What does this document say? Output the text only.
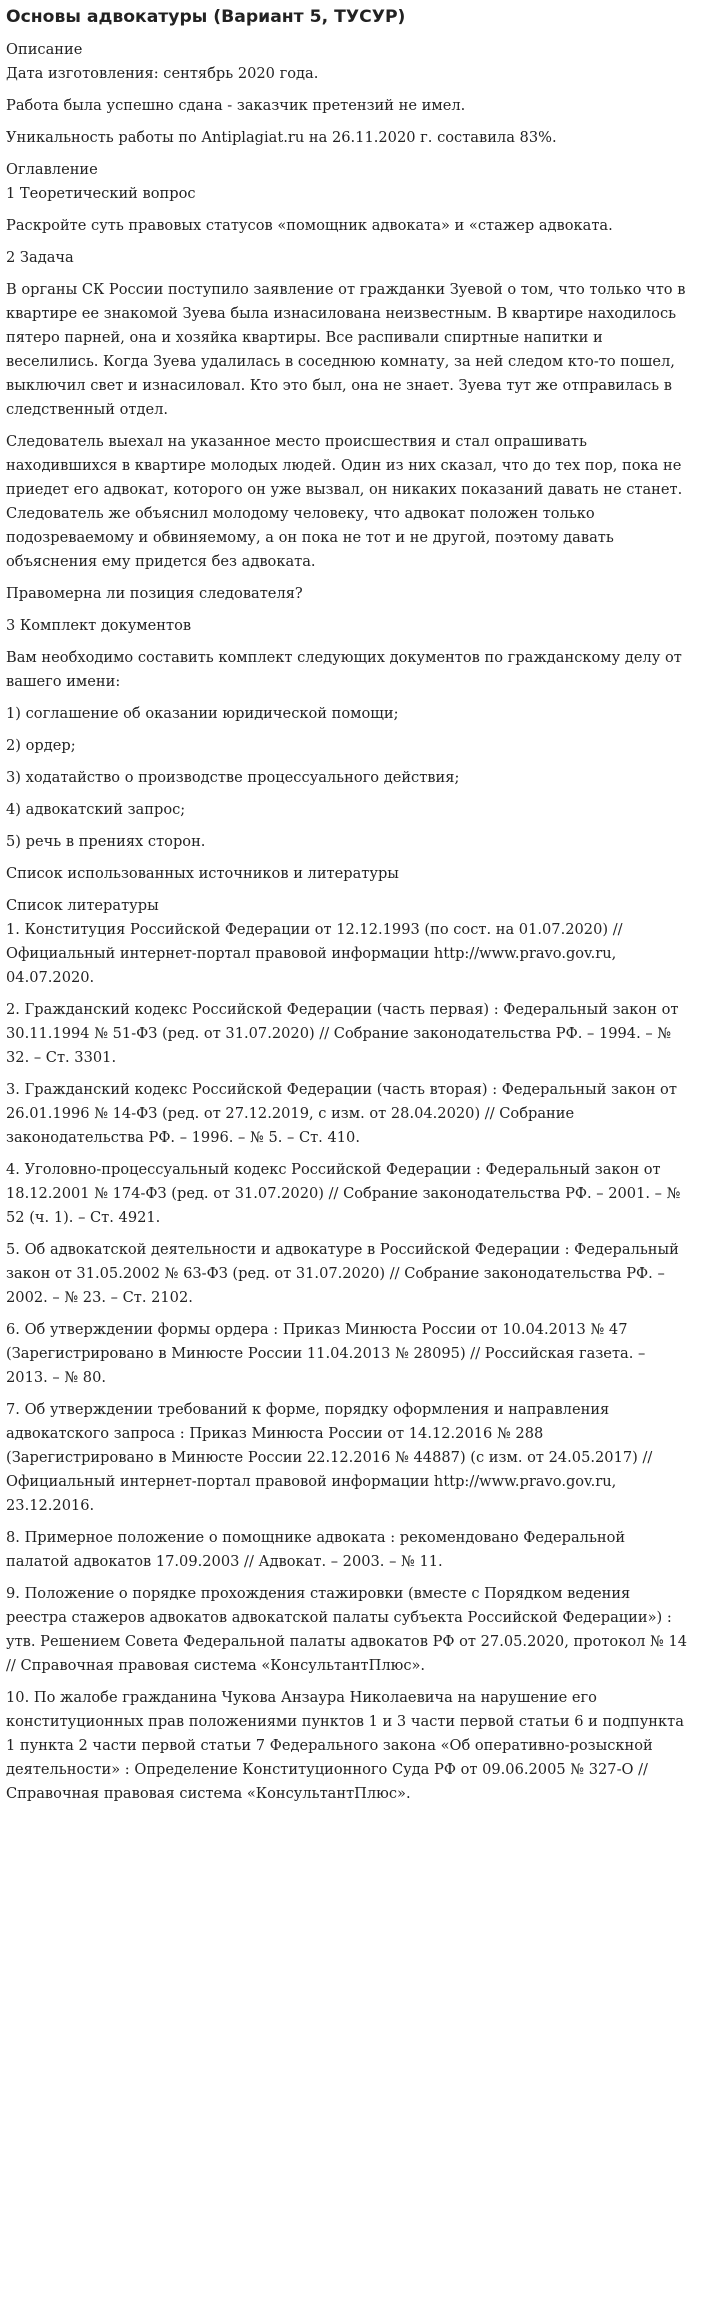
Основы адвокатуры (Вариант 5, ТУСУР)
Описание

Дата изготовления: сентябрь 2020 года.

Работа была успешно сдана - заказчик претензий не имел.

Уникальность работы по Antiplagiat.ru на 26.11.2020 г. составила 83%.

Оглавление

1 Теоретический вопрос

Раскройте суть правовых статусов «помощник адвоката» и «стажер адвоката.

2 Задача

В органы СК России поступило заявление от гражданки Зуевой о том, что только что в квартире ее знакомой Зуева была изнасилована неизвестным. В квартире находилось пятеро парней, она и хозяйка квартиры. Все распивали спиртные напитки и веселились. Когда Зуева удалилась в соседнюю комнату, за ней следом кто-то пошел, выключил свет и изнасиловал. Кто это был, она не знает. Зуева тут же отправилась в следственный отдел.

Следователь выехал на указанное место происшествия и стал опрашивать находившихся в квартире молодых людей. Один из них сказал, что до тех пор, пока не приедет его адвокат, которого он уже вызвал, он никаких показаний давать не станет. Следователь же объяснил молодому человеку, что адвокат положен только подозреваемому и обвиняемому, а он пока не тот и не другой, поэтому давать объяснения ему придется без адвоката.

Правомерна ли позиция следователя?

3 Комплект документов

Вам необходимо составить комплект следующих документов по гражданскому делу от вашего имени:

1) соглашение об оказании юридической помощи;

2) ордер;

3) ходатайство о производстве процессуального действия;

4) адвокатский запрос;

5) речь в прениях сторон.

Список использованных источников и литературы

Список литературы
1. Конституция Российской Федерации от 12.12.1993 (по сост. на 01.07.2020) // Официальный интернет-портал правовой информации http://www.pravo.gov.ru, 04.07.2020.
2. Гражданский кодекс Российской Федерации (часть первая) : Федеральный закон от 30.11.1994 № 51-ФЗ (ред. от 31.07.2020) // Собрание законодательства РФ. – 1994. – № 32. – Ст. 3301.
3. Гражданский кодекс Российской Федерации (часть вторая) : Федеральный закон от 26.01.1996 № 14-ФЗ (ред. от 27.12.2019, с изм. от 28.04.2020) // Собрание законодательства РФ. – 1996. – № 5. – Ст. 410.
4. Уголовно-процессуальный кодекс Российской Федерации : Федеральный закон от 18.12.2001 № 174-ФЗ (ред. от 31.07.2020) // Собрание законодательства РФ. – 2001. – № 52 (ч. 1). – Ст. 4921.
5. Об адвокатской деятельности и адвокатуре в Российской Федерации : Федеральный закон от 31.05.2002 № 63-ФЗ (ред. от 31.07.2020) // Собрание законодательства РФ. – 2002. – № 23. – Ст. 2102.
6. Об утверждении формы ордера : Приказ Минюста России от 10.04.2013 № 47 (Зарегистрировано в Минюсте России 11.04.2013 № 28095) // Российская газета. – 2013. – № 80.
7. Об утверждении требований к форме, порядку оформления и направления адвокатского запроса : Приказ Минюста России от 14.12.2016 № 288 (Зарегистрировано в Минюсте России 22.12.2016 № 44887) (с изм. от 24.05.2017) // Официальный интернет-портал правовой информации http://www.pravo.gov.ru, 23.12.2016.
8. Примерное положение о помощнике адвоката : рекомендовано Федеральной палатой адвокатов 17.09.2003 // Адвокат. – 2003. – № 11.
9. Положение о порядке прохождения стажировки (вместе с Порядком ведения реестра стажеров адвокатов адвокатской палаты субъекта Российской Федерации») : утв. Решением Совета Федеральной палаты адвокатов РФ от 27.05.2020, протокол № 14 // Справочная правовая система «КонсультантПлюс».
10. По жалобе гражданина Чукова Анзаура Николаевича на нарушение его конституционных прав положениями пунктов 1 и 3 части первой статьи 6 и подпункта 1 пункта 2 части первой статьи 7 Федерального закона «Об оперативно-розыскной деятельности» : Определение Конституционного Суда РФ от 09.06.2005 № 327-О // Справочная правовая система «КонсультантПлюс».
